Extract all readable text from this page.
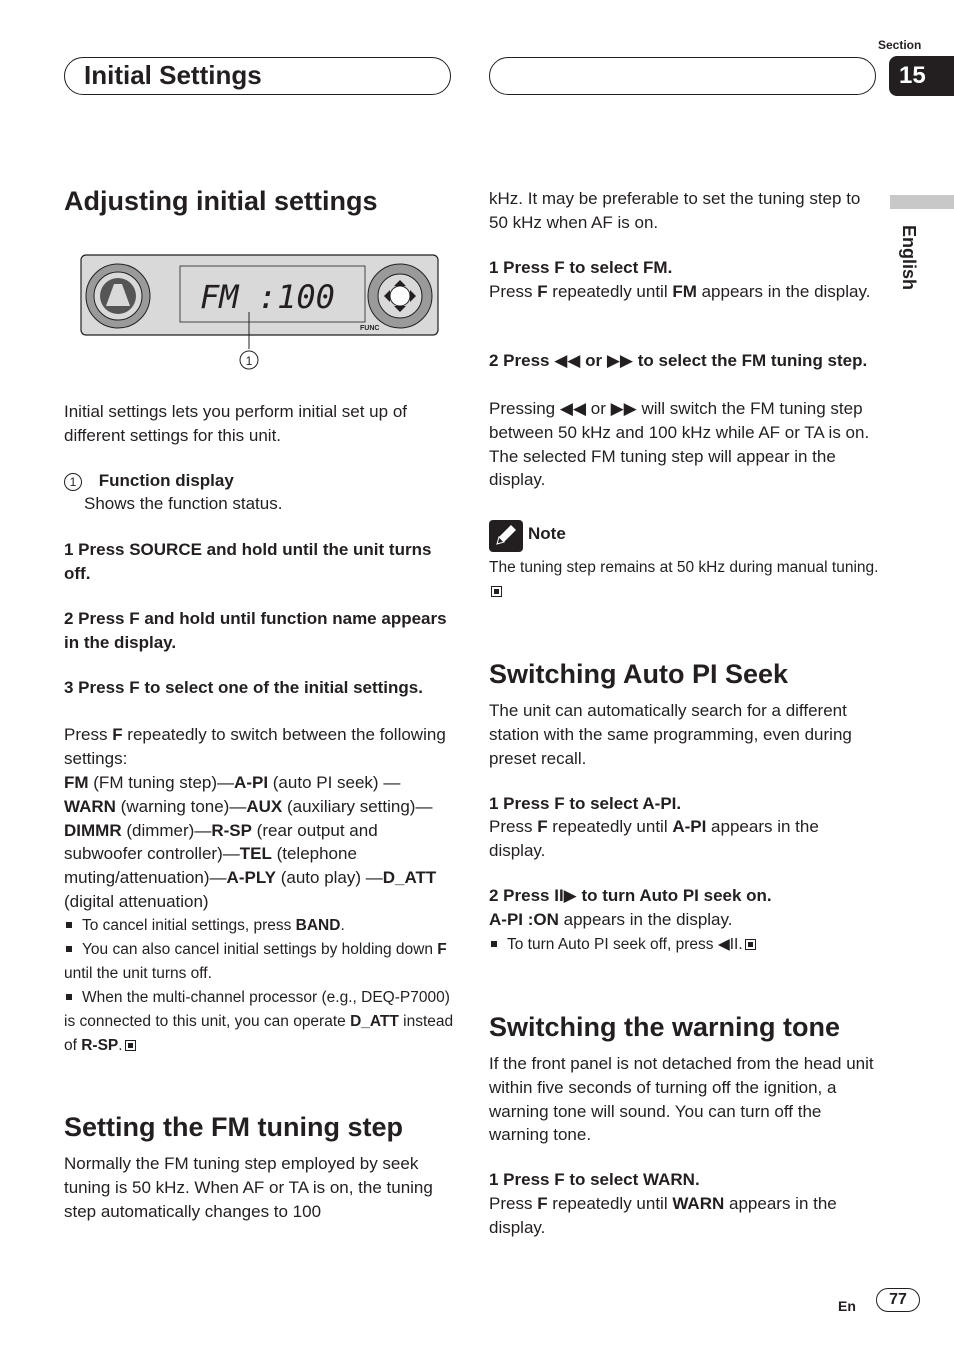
Section
15
Initial Settings
English
Adjusting initial settings
FM :100
FUNC
1
Initial settings lets you perform initial set up of different settings for this unit.
1 Function display
Shows the function status.
1 Press SOURCE and hold until the unit turns off.
2 Press F and hold until function name appears in the display.
3 Press F to select one of the initial settings.
Press F repeatedly to switch between the following settings:
FM (FM tuning step)—A-PI (auto PI seek) —WARN (warning tone)—AUX (auxiliary setting)—DIMMR (dimmer)—R-SP (rear output and subwoofer controller)—TEL (telephone muting/attenuation)—A-PLY (auto play) —D_ATT (digital attenuation)
To cancel initial settings, press BAND.
You can also cancel initial settings by holding down F until the unit turns off.
When the multi-channel processor (e.g., DEQ-P7000) is connected to this unit, you can operate D_ATT instead of R-SP.
Setting the FM tuning step
Normally the FM tuning step employed by seek tuning is 50 kHz. When AF or TA is on, the tuning step automatically changes to 100
kHz. It may be preferable to set the tuning step to 50 kHz when AF is on.
1 Press F to select FM.
Press F repeatedly until FM appears in the display.
2 Press ◀◀ or ▶▶ to select the FM tuning step.
Pressing ◀◀ or ▶▶ will switch the FM tuning step between 50 kHz and 100 kHz while AF or TA is on. The selected FM tuning step will appear in the display.
Note
The tuning step remains at 50 kHz during manual tuning.
Switching Auto PI Seek
The unit can automatically search for a different station with the same programming, even during preset recall.
1 Press F to select A-PI.
Press F repeatedly until A-PI appears in the display.
2 Press II▶ to turn Auto PI seek on.
A-PI :ON appears in the display.
To turn Auto PI seek off, press ◀II.
Switching the warning tone
If the front panel is not detached from the head unit within five seconds of turning off the ignition, a warning tone will sound. You can turn off the warning tone.
1 Press F to select WARN.
Press F repeatedly until WARN appears in the display.
En	77
